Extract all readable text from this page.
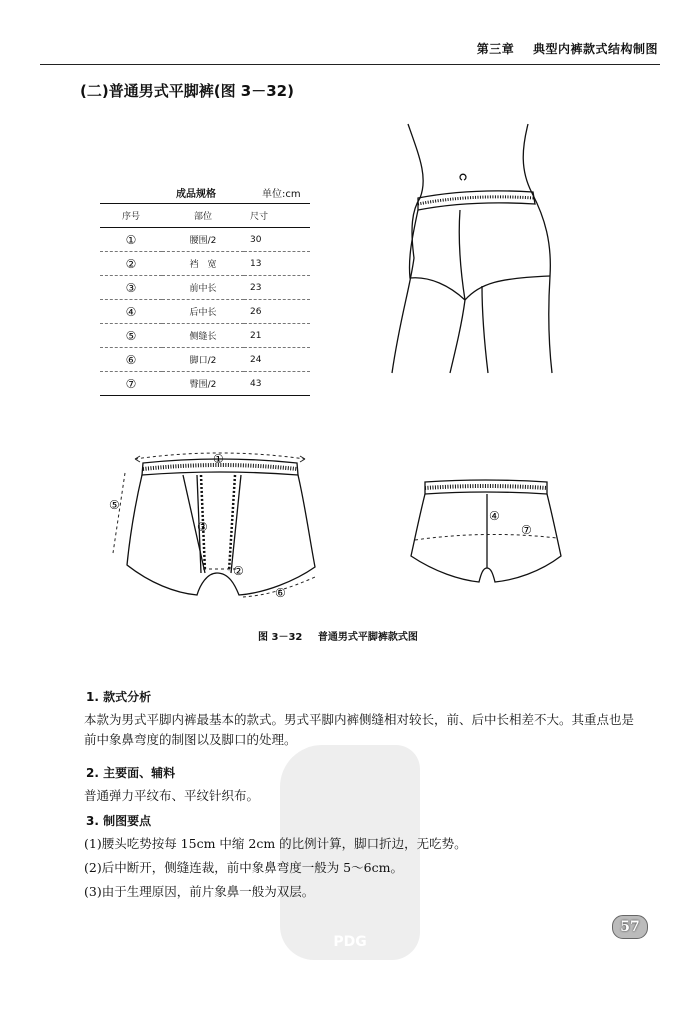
第三章 典型内裤款式结构制图
(二)普通男式平脚裤(图 3－32)
成品规格	单位:cm
序号	部位	尺寸
①	腰围/2	30
②	裆　宽	13
③	前中长	23
④	后中长	26
⑤	侧缝长	21
⑥	脚口/2	24
⑦	臀围/2	43
①
②
③
⑤
⑥
④
⑦
图 3－32 普通男式平脚裤款式图
PDG
1. 款式分析
本款为男式平脚内裤最基本的款式。男式平脚内裤侧缝相对较长，前、后中长相差不大。其重点也是前中象鼻弯度的制图以及脚口的处理。
2. 主要面、辅料
普通弹力平纹布、平纹针织布。
3. 制图要点
(1)腰头吃势按每 15cm 中缩 2cm 的比例计算，脚口折边，无吃势。
(2)后中断开，侧缝连裁，前中象鼻弯度一般为 5～6cm。
(3)由于生理原因，前片象鼻一般为双层。
57
